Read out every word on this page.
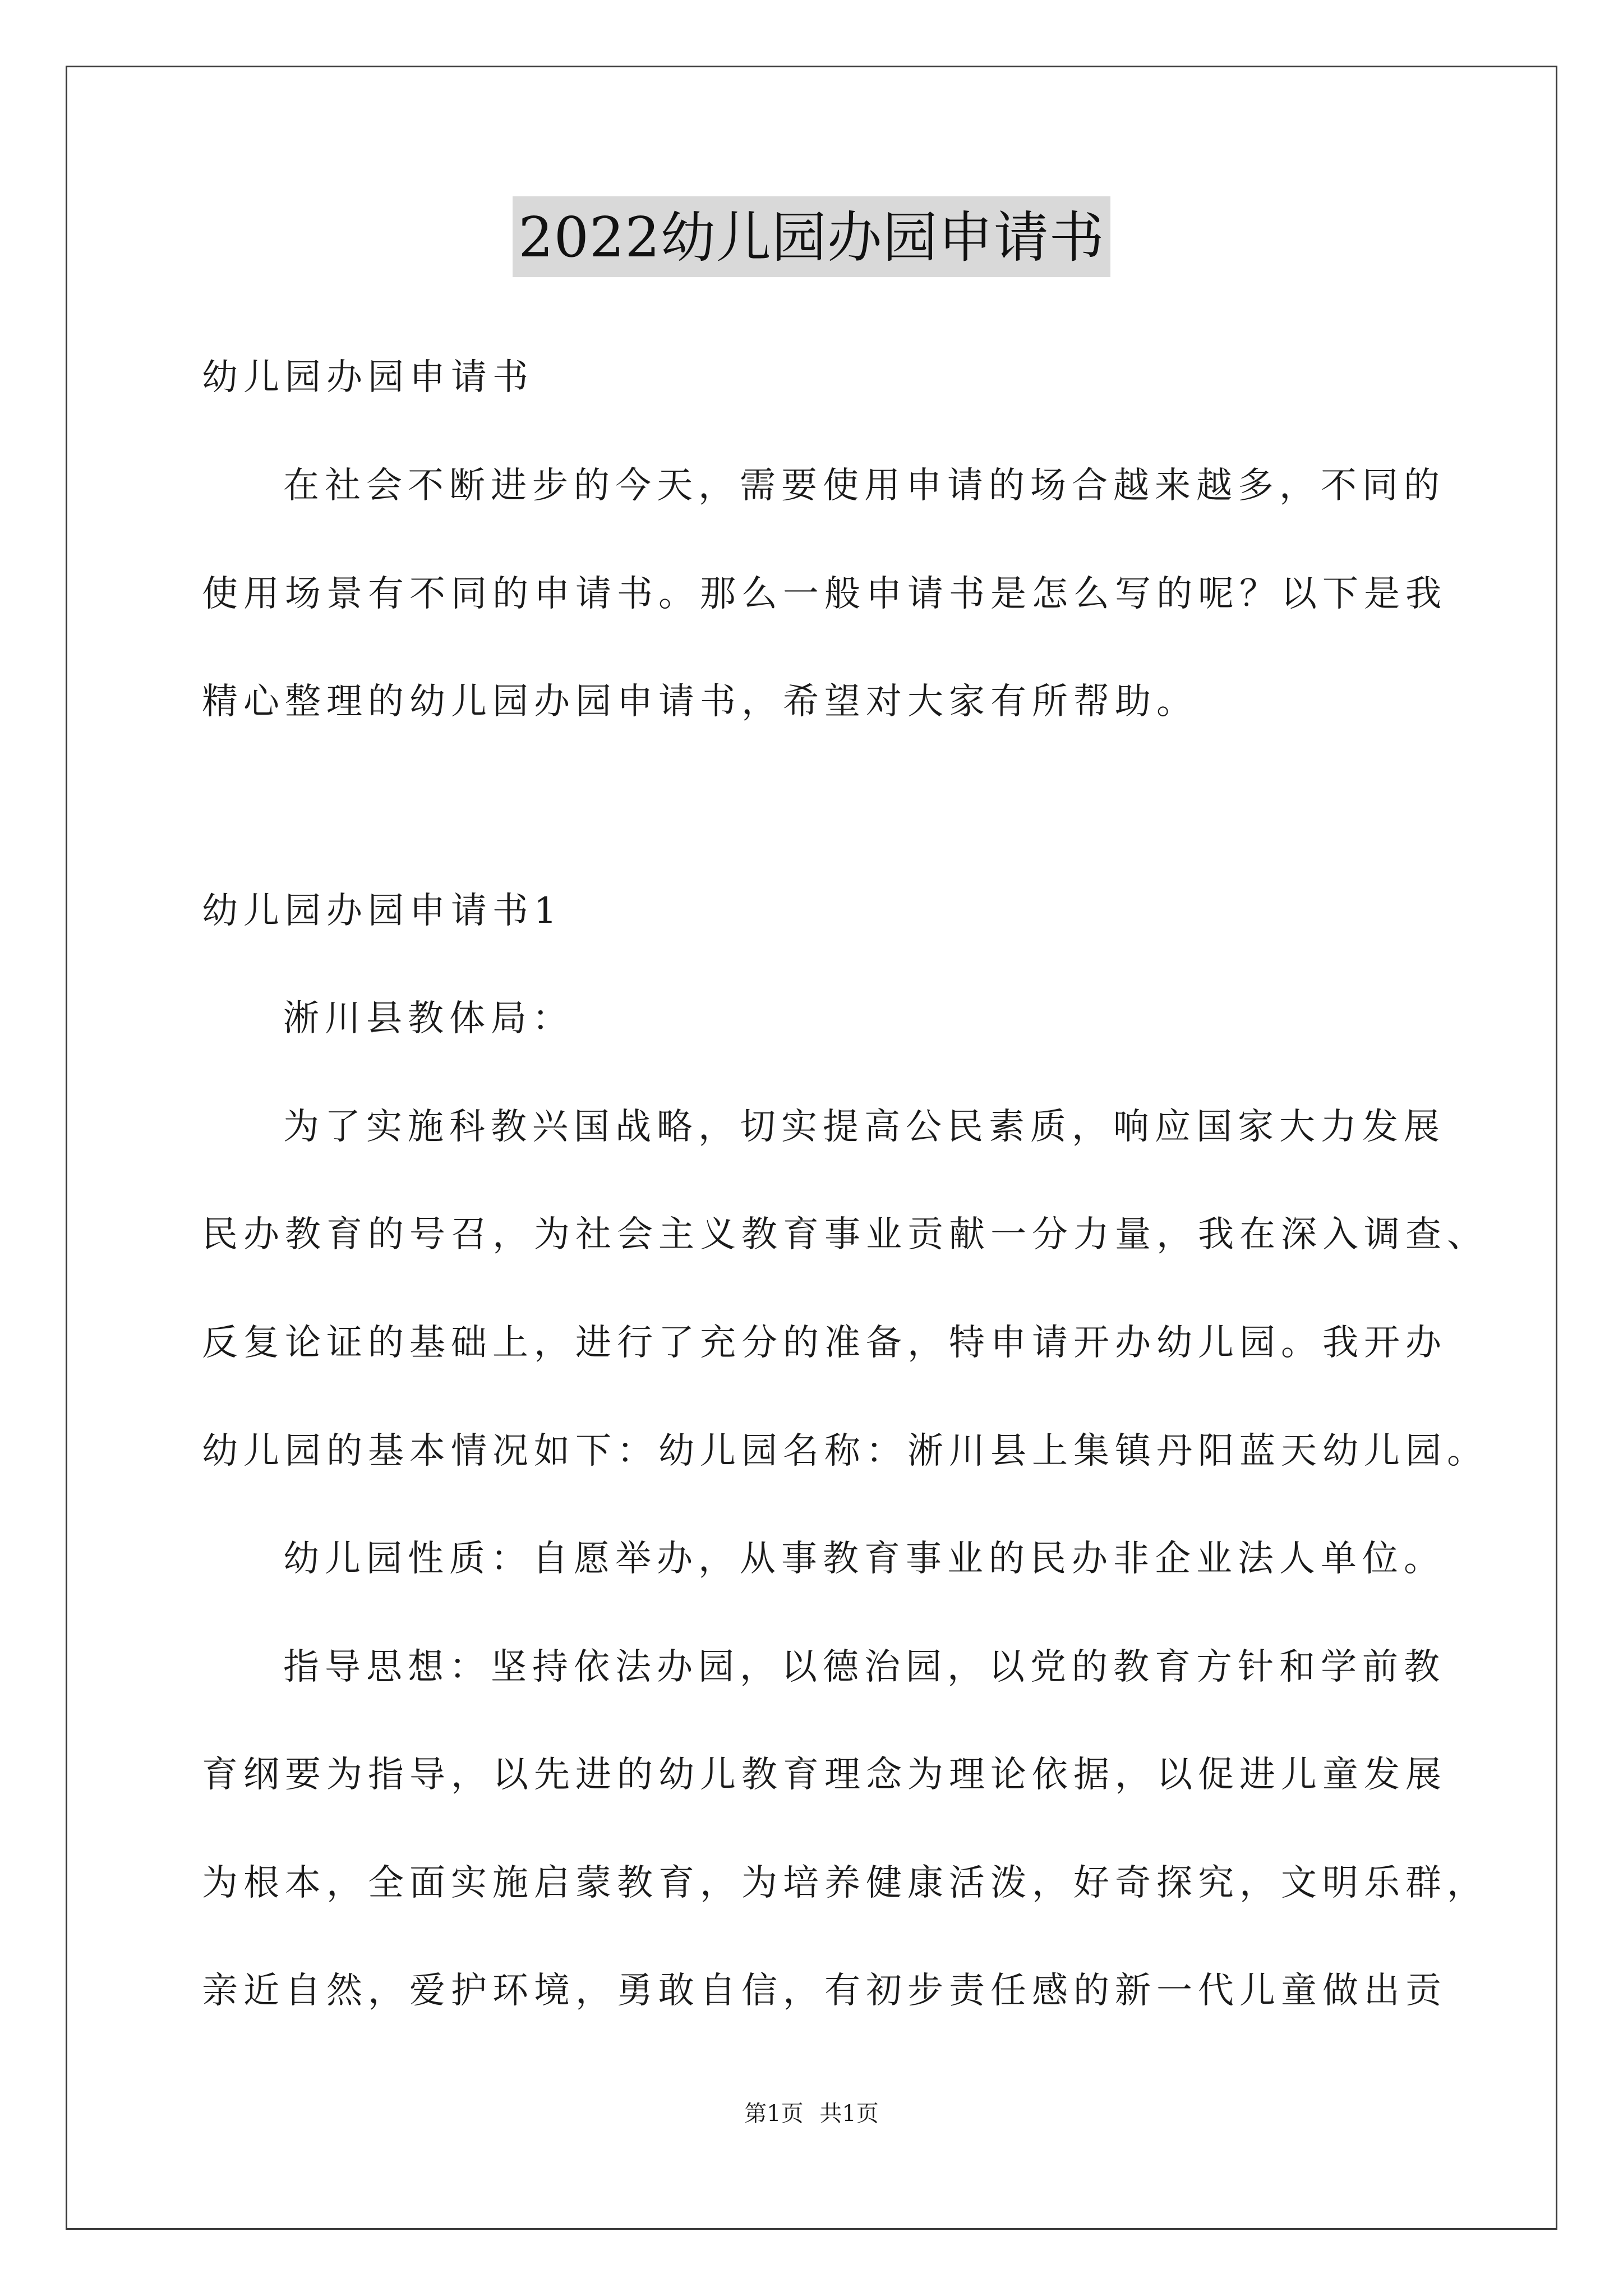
2022幼儿园办园申请书
幼儿园办园申请书
在社会不断进步的今天，需要使用申请的场合越来越多，不同的
使用场景有不同的申请书。那么一般申请书是怎么写的呢？以下是我
精心整理的幼儿园办园申请书，希望对大家有所帮助。
幼儿园办园申请书1
淅川县教体局：
为了实施科教兴国战略，切实提高公民素质，响应国家大力发展
民办教育的号召，为社会主义教育事业贡献一分力量，我在深入调查、
反复论证的基础上，进行了充分的准备，特申请开办幼儿园。我开办
幼儿园的基本情况如下：幼儿园名称：淅川县上集镇丹阳蓝天幼儿园。
幼儿园性质：自愿举办，从事教育事业的民办非企业法人单位。
指导思想：坚持依法办园，以德治园，以党的教育方针和学前教
育纲要为指导，以先进的幼儿教育理念为理论依据，以促进儿童发展
为根本，全面实施启蒙教育，为培养健康活泼，好奇探究，文明乐群，
亲近自然，爱护环境，勇敢自信，有初步责任感的新一代儿童做出贡
第1页 共1页
